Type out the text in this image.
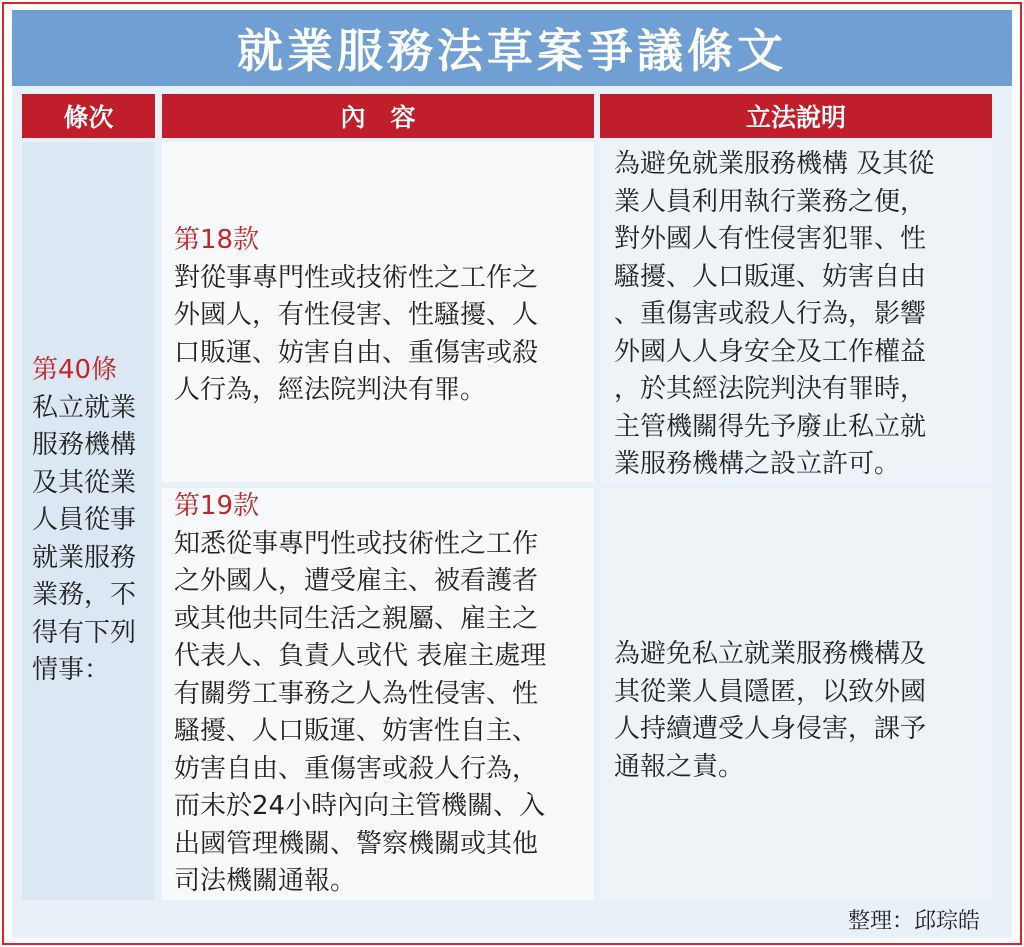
就業服務法草案爭議條文
條次	內　容	立法說明
第40條
私立就業
服務機構
及其從業
人員從事
就業服務
業務，不
得有下列
情事：
第18款
對從事專門性或技術性之工作之
外國人，有性侵害、性騷擾、人
口販運、妨害自由、重傷害或殺
人行為，經法院判決有罪。
為避免就業服務機構 及其從
業人員利用執行業務之便，
對外國人有性侵害犯罪、性
騷擾、人口販運、妨害自由
、重傷害或殺人行為，影響
外國人人身安全及工作權益
，於其經法院判決有罪時，
主管機關得先予廢止私立就
業服務機構之設立許可。
第19款
知悉從事專門性或技術性之工作
之外國人，遭受雇主、被看護者
或其他共同生活之親屬、雇主之
代表人、負責人或代 表雇主處理
有關勞工事務之人為性侵害、性
騷擾、人口販運、妨害性自主、
妨害自由、重傷害或殺人行為，
而未於24小時內向主管機關、入
出國管理機關、警察機關或其他
司法機關通報。
為避免私立就業服務機構及
其從業人員隱匿，以致外國
人持續遭受人身侵害，課予
通報之責。
整理：邱琮皓
